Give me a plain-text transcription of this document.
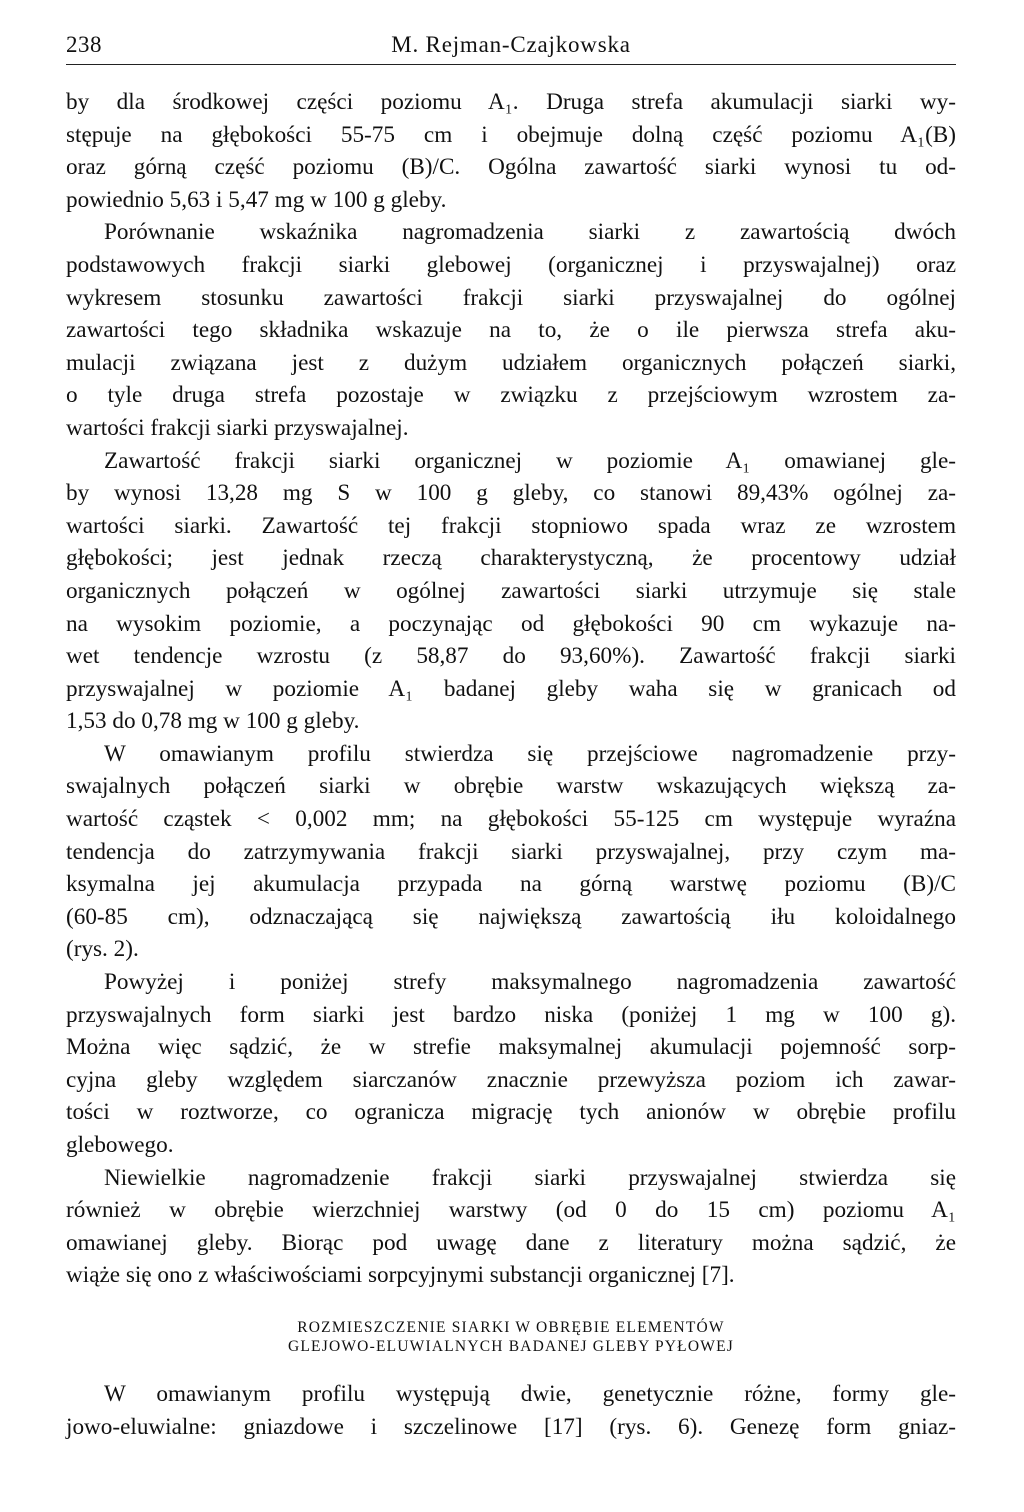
238	M. Rejman-Czajkowska

by dla środkowej części poziomu A₁. Druga strefa akumulacji siarki wy-
stępuje na głębokości 55-75 cm i obejmuje dolną część poziomu A₁(B)
oraz górną część poziomu (B)/C. Ogólna zawartość siarki wynosi tu od-
powiednio 5,63 i 5,47 mg w 100 g gleby.

Porównanie wskaźnika nagromadzenia siarki z zawartością dwóch
podstawowych frakcji siarki glebowej (organicznej i przyswajalnej) oraz
wykresem stosunku zawartości frakcji siarki przyswajalnej do ogólnej
zawartości tego składnika wskazuje na to, że o ile pierwsza strefa aku-
mulacji związana jest z dużym udziałem organicznych połączeń siarki,
o tyle druga strefa pozostaje w związku z przejściowym wzrostem za-
wartości frakcji siarki przyswajalnej.

Zawartość frakcji siarki organicznej w poziomie A₁ omawianej gle-
by wynosi 13,28 mg S w 100 g gleby, co stanowi 89,43% ogólnej za-
wartości siarki. Zawartość tej frakcji stopniowo spada wraz ze wzrostem
głębokości; jest jednak rzeczą charakterystyczną, że procentowy udział
organicznych połączeń w ogólnej zawartości siarki utrzymuje się stale
na wysokim poziomie, a poczynając od głębokości 90 cm wykazuje na-
wet tendencje wzrostu (z 58,87 do 93,60%). Zawartość frakcji siarki
przyswajalnej w poziomie A₁ badanej gleby waha się w granicach od
1,53 do 0,78 mg w 100 g gleby.

W omawianym profilu stwierdza się przejściowe nagromadzenie przy-
swajalnych połączeń siarki w obrębie warstw wskazujących większą za-
wartość cząstek < 0,002 mm; na głębokości 55-125 cm występuje wyraźna
tendencja do zatrzymywania frakcji siarki przyswajalnej, przy czym ma-
ksymalna jej akumulacja przypada na górną warstwę poziomu (B)/C
(60-85 cm), odznaczającą się największą zawartością iłu koloidalnego
(rys. 2).

Powyżej i poniżej strefy maksymalnego nagromadzenia zawartość
przyswajalnych form siarki jest bardzo niska (poniżej 1 mg w 100 g).
Można więc sądzić, że w strefie maksymalnej akumulacji pojemność sorp-
cyjna gleby względem siarczanów znacznie przewyższa poziom ich zawar-
tości w roztworze, co ogranicza migrację tych anionów w obrębie profilu
glebowego.

Niewielkie nagromadzenie frakcji siarki przyswajalnej stwierdza się
również w obrębie wierzchniej warstwy (od 0 do 15 cm) poziomu A₁
omawianej gleby. Biorąc pod uwagę dane z literatury można sądzić, że
wiąże się ono z właściwościami sorpcyjnymi substancji organicznej [7].

ROZMIESZCZENIE SIARKI W OBRĘBIE ELEMENTÓW
GLEJOWO-ELUWIALNYCH BADANEJ GLEBY PYŁOWEJ

W omawianym profilu występują dwie, genetycznie różne, formy gle-
jowo-eluwialne: gniazdowe i szczelinowe [17] (rys. 6). Genezę form gniaz-
